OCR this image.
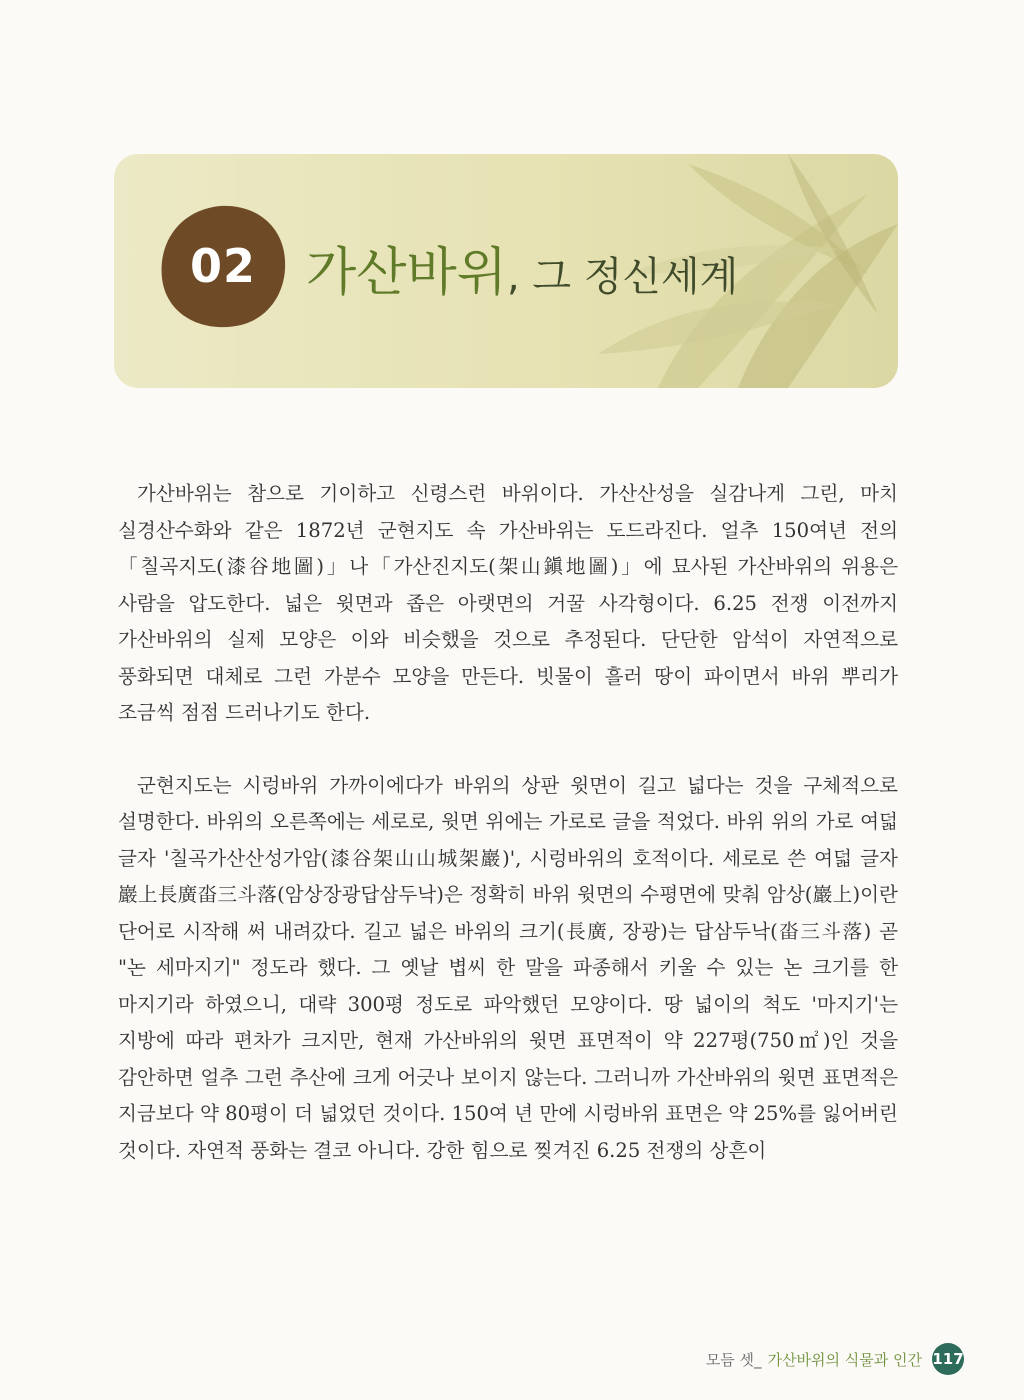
02 가산바위, 그 정신세계

가산바위는 참으로 기이하고 신령스런 바위이다. 가산산성을 실감나게 그린, 마치 실경산수화와 같은 1872년 군현지도 속 가산바위는 도드라진다. 얼추 150여년 전의「칠곡지도(漆谷地圖)」나「가산진지도(架山鎭地圖)」에 묘사된 가산바위의 위용은 사람을 압도한다. 넓은 윗면과 좁은 아랫면의 거꿀 사각형이다. 6.25 전쟁 이전까지 가산바위의 실제 모양은 이와 비슷했을 것으로 추정된다. 단단한 암석이 자연적으로 풍화되면 대체로 그런 가분수 모양을 만든다. 빗물이 흘러 땅이 파이면서 바위 뿌리가 조금씩 점점 드러나기도 한다.

군현지도는 시렁바위 가까이에다가 바위의 상판 윗면이 길고 넓다는 것을 구체적으로 설명한다. 바위의 오른쪽에는 세로로, 윗면 위에는 가로로 글을 적었다. 바위 위의 가로 여덟 글자 '칠곡가산산성가암(漆谷架山山城架巖)', 시렁바위의 호적이다. 세로로 쓴 여덟 글자 巖上長廣畓三斗落(암상장광답삼두낙)은 정확히 바위 윗면의 수평면에 맞춰 암상(巖上)이란 단어로 시작해 써 내려갔다. 길고 넓은 바위의 크기(長廣, 장광)는 답삼두낙(畓三斗落) 곧 "논 세마지기" 정도라 했다. 그 옛날 볍씨 한 말을 파종해서 키울 수 있는 논 크기를 한 마지기라 하였으니, 대략 300평 정도로 파악했던 모양이다. 땅 넓이의 척도 '마지기'는 지방에 따라 편차가 크지만, 현재 가산바위의 윗면 표면적이 약 227평(750㎡)인 것을 감안하면 얼추 그런 추산에 크게 어긋나 보이지 않는다. 그러니까 가산바위의 윗면 표면적은 지금보다 약 80평이 더 넓었던 것이다. 150여 년 만에 시렁바위 표면은 약 25%를 잃어버린 것이다. 자연적 풍화는 결코 아니다. 강한 힘으로 찢겨진 6.25 전쟁의 상흔이

모듬 셋_ 가산바위의 식물과 인간 117
